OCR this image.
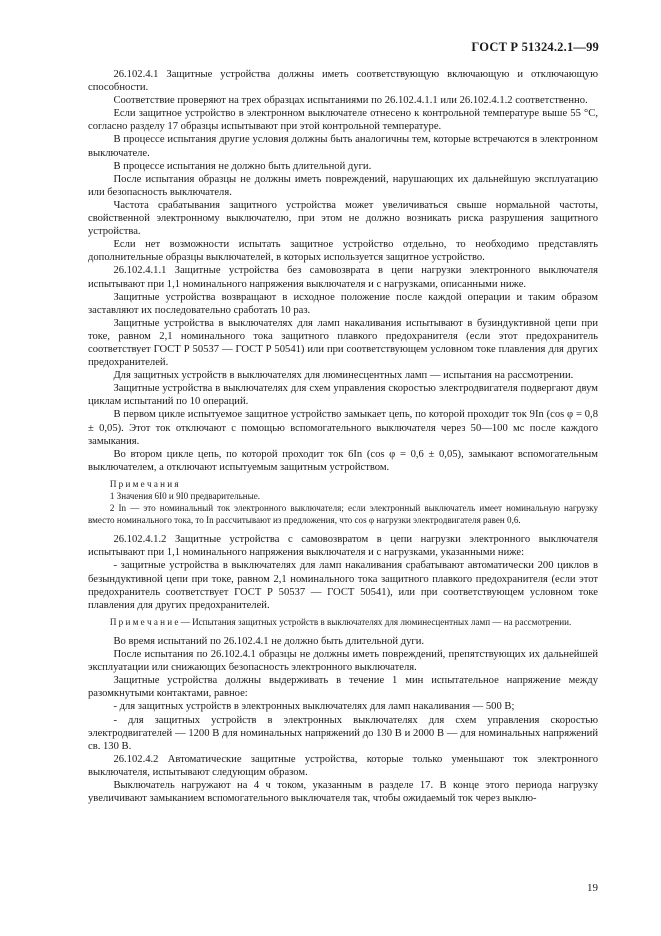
ГОСТ Р 51324.2.1—99

26.102.4.1 Защитные устройства должны иметь соответствующую включающую и отключающую способности.

Соответствие проверяют на трех образцах испытаниями по 26.102.4.1.1 или 26.102.4.1.2 соответственно.

Если защитное устройство в электронном выключателе отнесено к контрольной температуре выше 55 °С, согласно разделу 17 образцы испытывают при этой контрольной температуре.

В процессе испытания другие условия должны быть аналогичны тем, которые встречаются в электронном выключателе.

В процессе испытания не должно быть длительной дуги.

После испытания образцы не должны иметь повреждений, нарушающих их дальнейшую эксплуатацию или безопасность выключателя.

Частота срабатывания защитного устройства может увеличиваться свыше нормальной частоты, свойственной электронному выключателю, при этом не должно возникать риска разрушения защитного устройства.

Если нет возможности испытать защитное устройство отдельно, то необходимо представлять дополнительные образцы выключателей, в которых используется защитное устройство.

26.102.4.1.1 Защитные устройства без самовозврата в цепи нагрузки электронного выключателя испытывают при 1,1 номинального напряжения выключателя и с нагрузками, описанными ниже.

Защитные устройства возвращают в исходное положение после каждой операции и таким образом заставляют их последовательно сработать 10 раз.

Защитные устройства в выключателях для ламп накаливания испытывают в бузиндуктивной цепи при токе, равном 2,1 номинального тока защитного плавкого предохранителя (если этот предохранитель соответствует ГОСТ Р 50537 — ГОСТ Р 50541) или при соответствующем условном токе плавления для других предохранителей.

Для защитных устройств в выключателях для люминесцентных ламп — испытания на рассмотрении.

Защитные устройства в выключателях для схем управления скоростью электродвигателя подвергают двум циклам испытаний по 10 операций.

В первом цикле испытуемое защитное устройство замыкает цепь, по которой проходит ток 9In (cos φ = 0,8 ± 0,05). Этот ток отключают с помощью вспомогательного выключателя через 50—100 мс после каждого замыкания.

Во втором цикле цепь, по которой проходит ток 6In (cos φ = 0,6 ± 0,05), замыкают вспомогательным выключателем, а отключают испытуемым защитным устройством.

П р и м е ч а н и я

1 Значения 6I0 и 9I0 предварительные.

2 In — это номинальный ток электронного выключателя; если электронный выключатель имеет номинальную нагрузку вместо номинального тока, то In рассчитывают из предложения, что cos φ нагрузки электродвигателя равен 0,6.

26.102.4.1.2 Защитные устройства с самовозвратом в цепи нагрузки электронного выключателя испытывают при 1,1 номинального напряжения выключателя и с нагрузками, указанными ниже:

- защитные устройства в выключателях для ламп накаливания срабатывают автоматически 200 циклов в безындуктивной цепи при токе, равном 2,1 номинального тока защитного плавкого предохранителя (если этот предохранитель соответствует ГОСТ Р 50537 — ГОСТ 50541), или при соответствующем условном токе плавления для других предохранителей.

П р и м е ч а н и е — Испытания защитных устройств в выключателях для люминесцентных ламп — на рассмотрении.

Во время испытаний по 26.102.4.1 не должно быть длительной дуги.

После испытания по 26.102.4.1 образцы не должны иметь повреждений, препятствующих их дальнейшей эксплуатации или снижающих безопасность электронного выключателя.

Защитные устройства должны выдерживать в течение 1 мин испытательное напряжение между разомкнутыми контактами, равное:

- для защитных устройств в электронных выключателях для ламп накаливания — 500 В;

- для защитных устройств в электронных выключателях для схем управления скоростью электродвигателей — 1200 В для номинальных напряжений до 130 В и 2000 В — для номинальных напряжений св. 130 В.

26.102.4.2 Автоматические защитные устройства, которые только уменьшают ток электронного выключателя, испытывают следующим образом.

Выключатель нагружают на 4 ч током, указанным в разделе 17. В конце этого периода нагрузку увеличивают замыканием вспомогательного выключателя так, чтобы ожидаемый ток через выклю-

19
